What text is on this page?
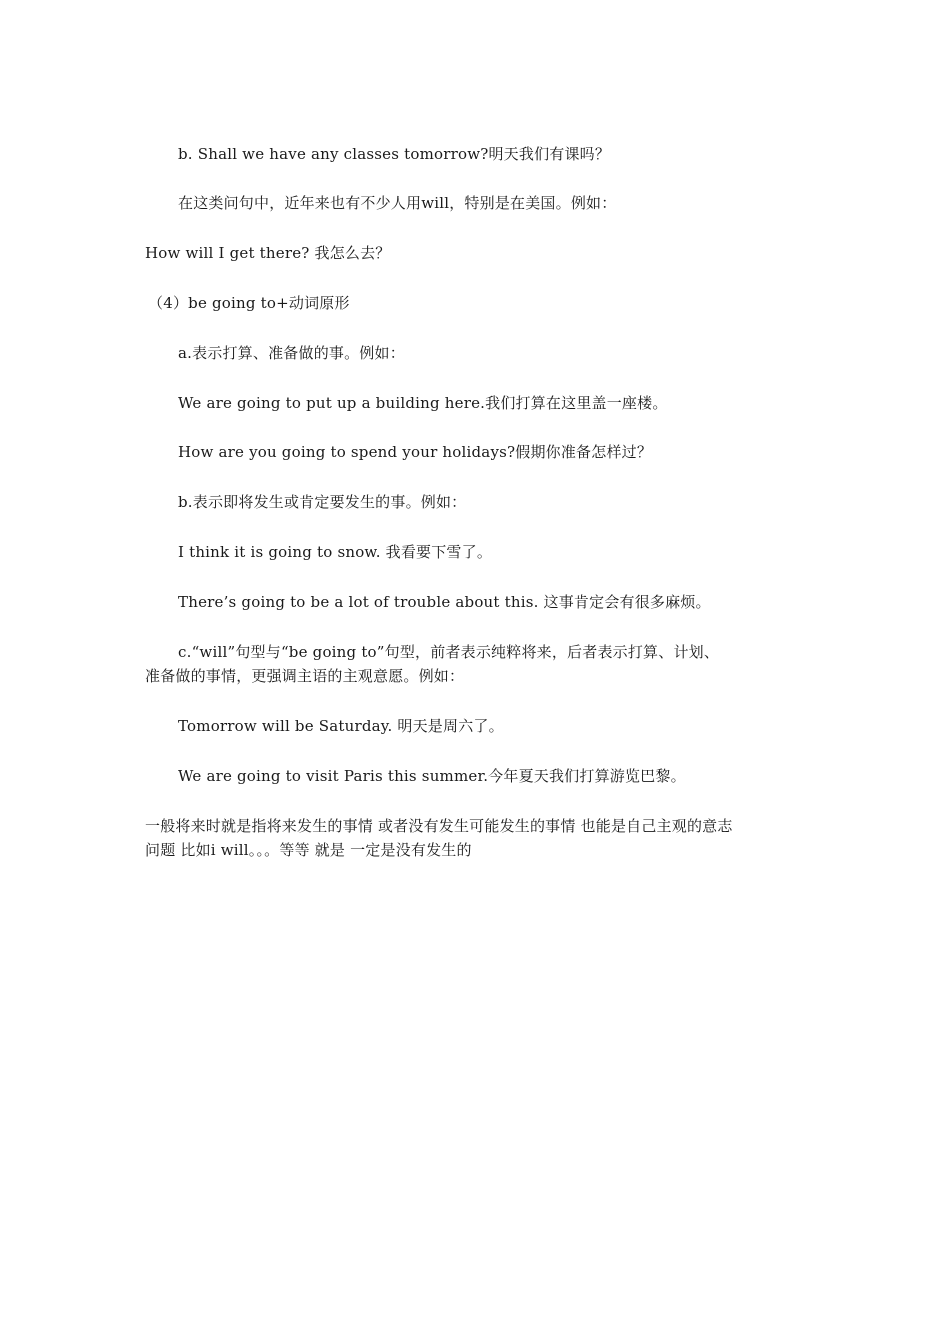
b. Shall we have any classes tomorrow?明天我们有课吗？
在这类问句中，近年来也有不少人用will，特别是在美国。例如：
How will I get there? 我怎么去？
（4）be going to+动词原形
a.表示打算、准备做的事。例如：
We are going to put up a building here.我们打算在这里盖一座楼。
How are you going to spend your holidays?假期你准备怎样过？
b.表示即将发生或肯定要发生的事。例如：
I think it is going to snow. 我看要下雪了。
There’s going to be a lot of trouble about this. 这事肯定会有很多麻烦。
c.“will”句型与“be going to”句型，前者表示纯粹将来，后者表示打算、计划、
准备做的事情，更强调主语的主观意愿。例如：
Tomorrow will be Saturday. 明天是周六了。
We are going to visit Paris this summer.今年夏天我们打算游览巴黎。
一般将来时就是指将来发生的事情 或者没有发生可能发生的事情 也能是自己主观的意志
问题 比如i will。。。等等 就是 一定是没有发生的
